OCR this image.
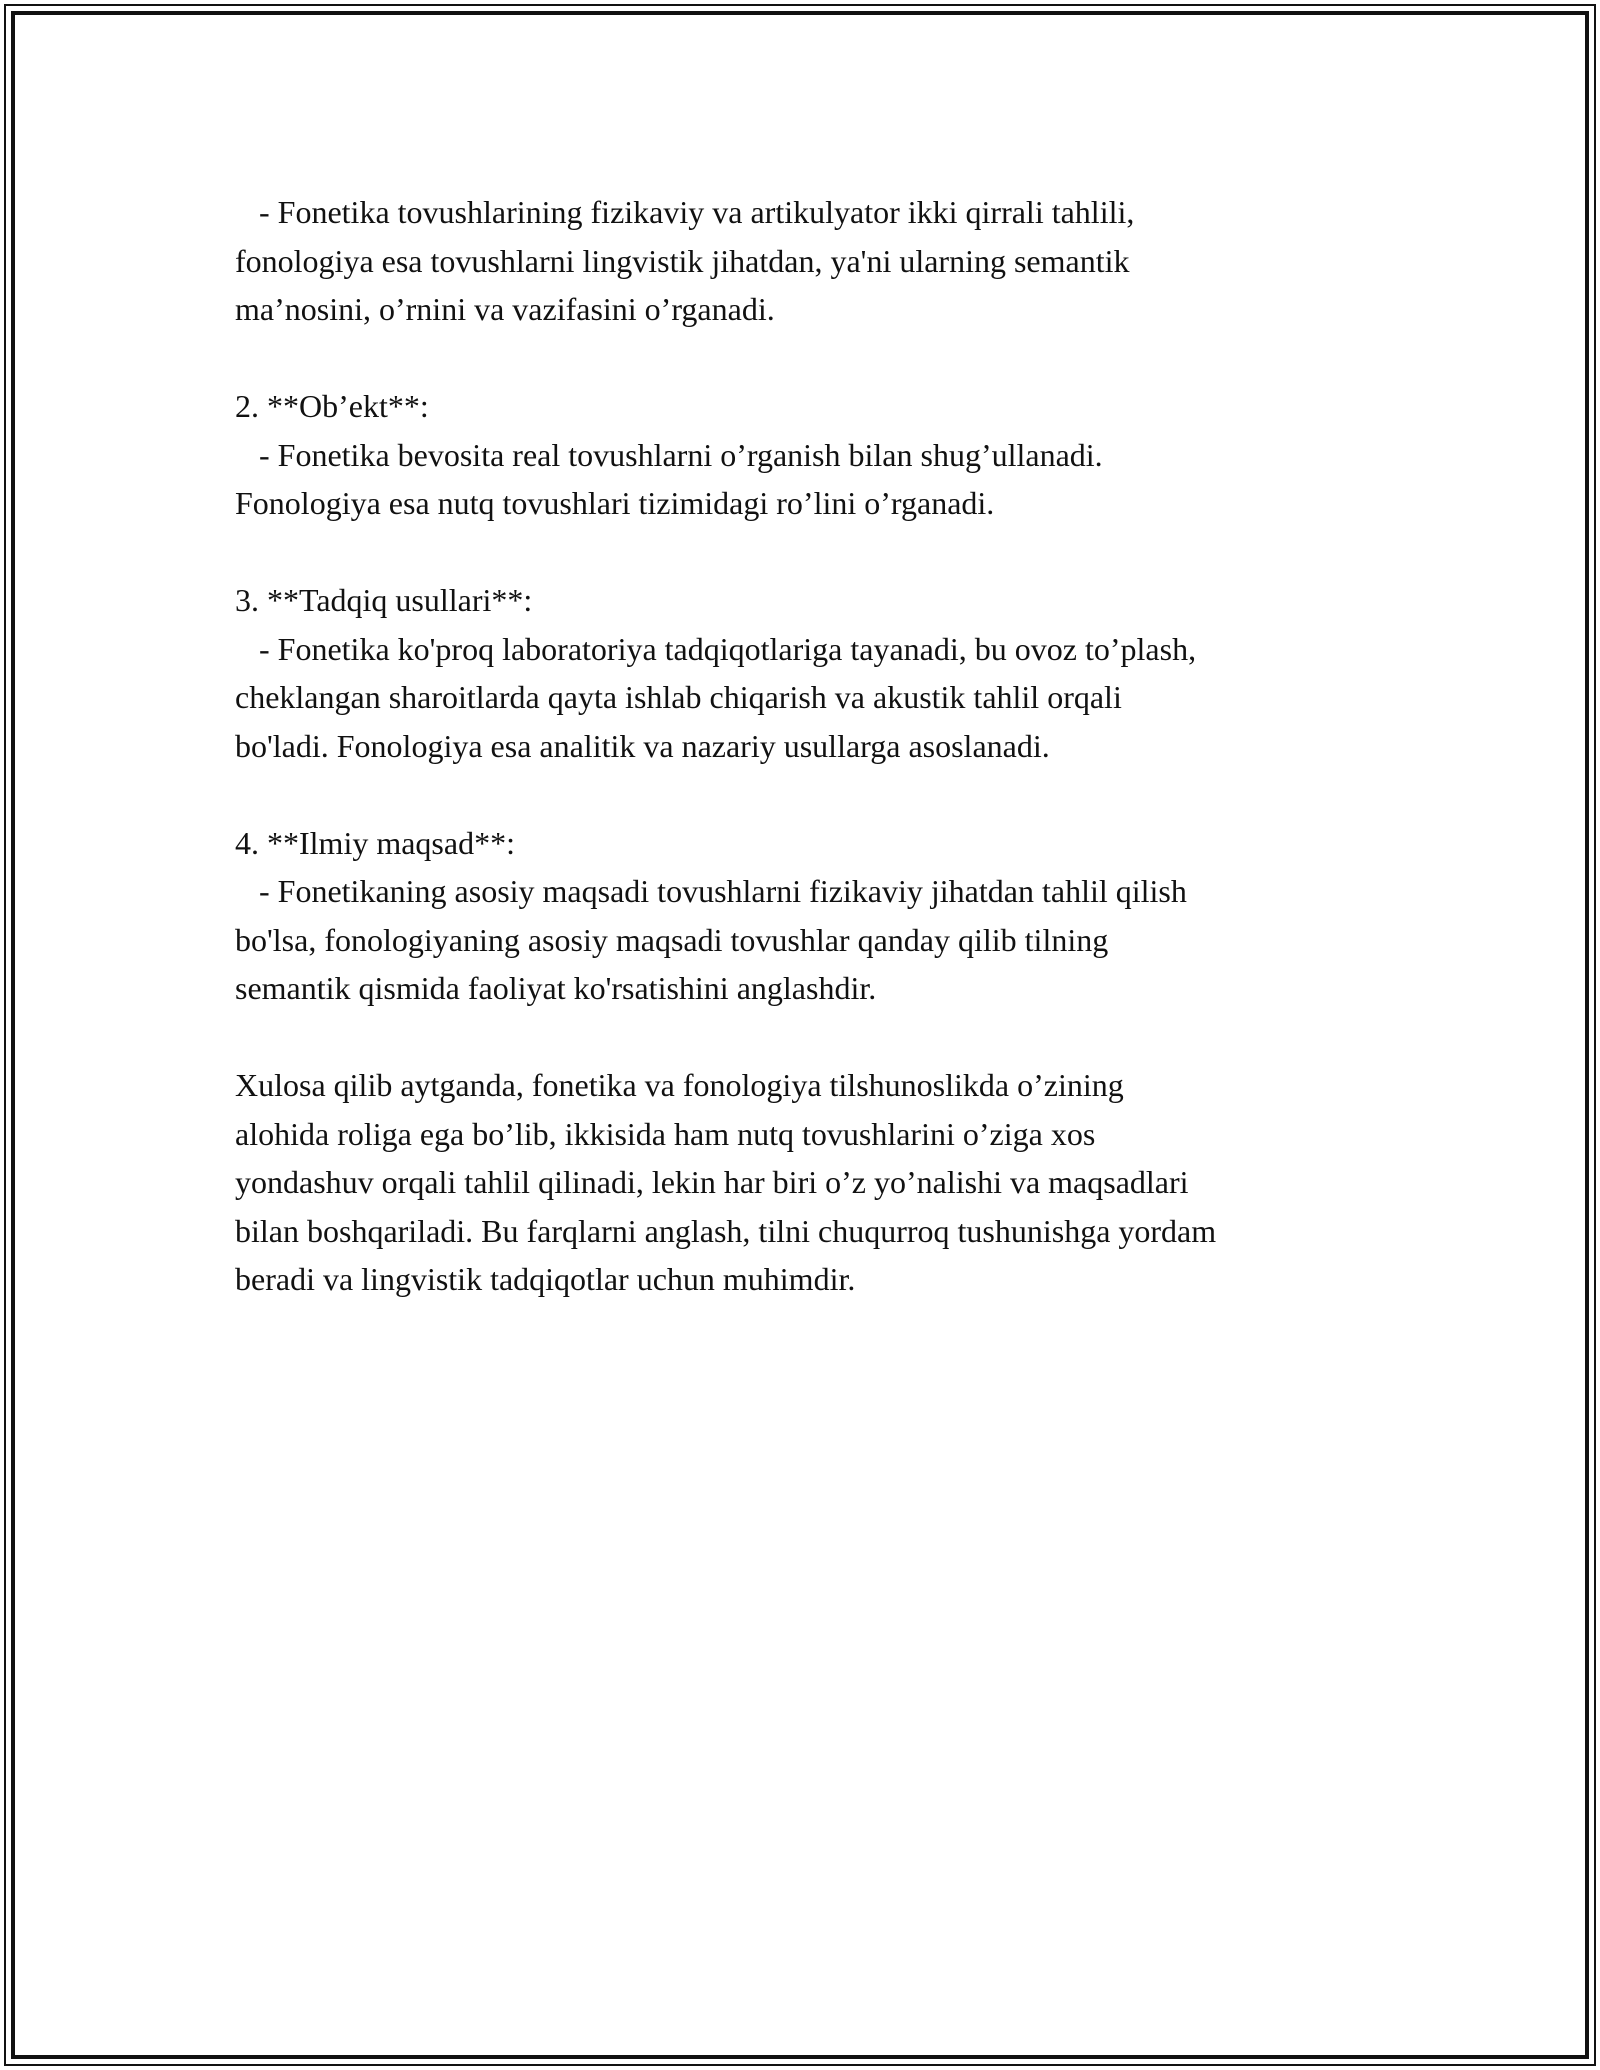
- Fonetika tovushlarining fizikaviy va artikulyator ikki qirrali tahlili,
fonologiya esa tovushlarni lingvistik jihatdan, ya'ni ularning semantik
ma’nosini, o’rnini va vazifasini o’rganadi.
2. **Ob’ekt**:
- Fonetika bevosita real tovushlarni o’rganish bilan shug’ullanadi.
Fonologiya esa nutq tovushlari tizimidagi ro’lini o’rganadi.
3. **Tadqiq usullari**:
- Fonetika ko'proq laboratoriya tadqiqotlariga tayanadi, bu ovoz to’plash,
cheklangan sharoitlarda qayta ishlab chiqarish va akustik tahlil orqali
bo'ladi. Fonologiya esa analitik va nazariy usullarga asoslanadi.
4. **Ilmiy maqsad**:
- Fonetikaning asosiy maqsadi tovushlarni fizikaviy jihatdan tahlil qilish
bo'lsa, fonologiyaning asosiy maqsadi tovushlar qanday qilib tilning
semantik qismida faoliyat ko'rsatishini anglashdir.
Xulosa qilib aytganda, fonetika va fonologiya tilshunoslikda o’zining
alohida roliga ega bo’lib, ikkisida ham nutq tovushlarini o’ziga xos
yondashuv orqali tahlil qilinadi, lekin har biri o’z yo’nalishi va maqsadlari
bilan boshqariladi. Bu farqlarni anglash, tilni chuqurroq tushunishga yordam
beradi va lingvistik tadqiqotlar uchun muhimdir.
